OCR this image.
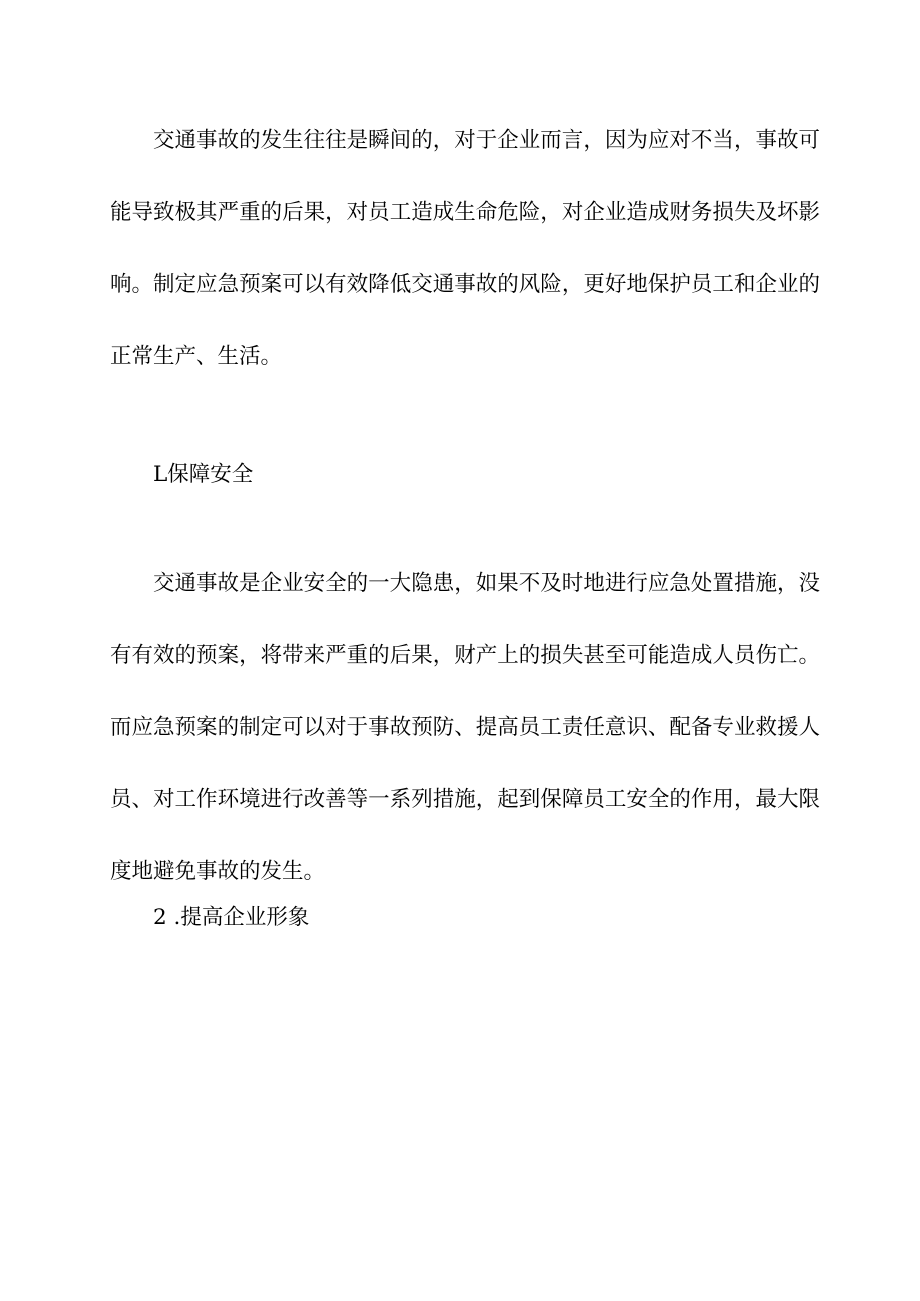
交通事故的发生往往是瞬间的，对于企业而言，因为应对不当，事故可能导致极其严重的后果，对员工造成生命危险，对企业造成财务损失及坏影响。制定应急预案可以有效降低交通事故的风险，更好地保护员工和企业的正常生产、生活。

L保障安全

交通事故是企业安全的一大隐患，如果不及时地进行应急处置措施，没有有效的预案，将带来严重的后果，财产上的损失甚至可能造成人员伤亡。而应急预案的制定可以对于事故预防、提高员工责任意识、配备专业救援人员、对工作环境进行改善等一系列措施，起到保障员工安全的作用，最大限度地避免事故的发生。

2 .提高企业形象
